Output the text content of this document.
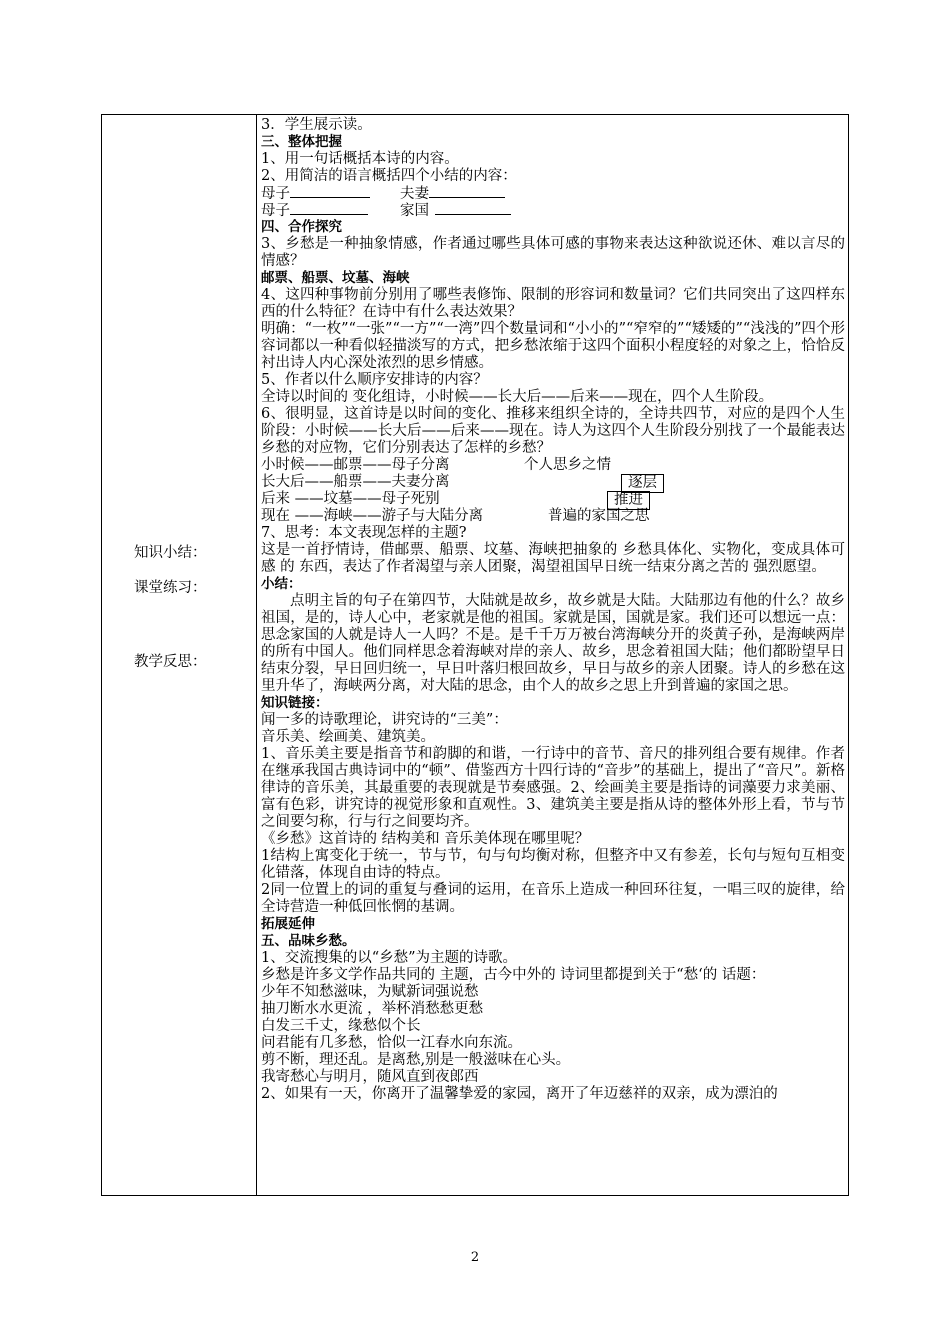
知识小结：
课堂练习：
教学反思：
3．学生展示读。
三、整体把握
1、用一句话概括本诗的内容。
2、用简洁的语言概括四个小结的内容：
母子	夫妻
母子	家国
四、合作探究
3、乡愁是一种抽象情感，作者通过哪些具体可感的事物来表达这种欲说还休、难以言尽的情感？
邮票、船票、坟墓、海峡
4、这四种事物前分别用了哪些表修饰、限制的形容词和数量词？它们共同突出了这四样东西的什么特征？在诗中有什么表达效果？
明确：“一枚”“一张”“一方”“一湾”四个数量词和“小小的”“窄窄的”“矮矮的”“浅浅的”四个形容词都以一种看似轻描淡写的方式，把乡愁浓缩于这四个面积小程度轻的对象之上，恰恰反衬出诗人内心深处浓烈的思乡情感。
5、作者以什么顺序安排诗的内容？
全诗以时间的 变化组诗，小时候——长大后——后来——现在，四个人生阶段。
6、很明显，这首诗是以时间的变化、推移来组织全诗的，全诗共四节，对应的是四个人生阶段：小时候——长大后——后来——现在。诗人为这四个人生阶段分别找了一个最能表达乡愁的对应物，它们分别表达了怎样的乡愁？
小时候——邮票——母子分离	个人思乡之情
长大后——船票——夫妻分离	逐层
后来 ——坟墓——母子死别	推进
现在 ——海峡——游子与大陆分离	普遍的家国之思
7、思考：本文表现怎样的主题?
这是一首抒情诗，借邮票、船票、坟墓、海峡把抽象的 乡愁具体化、实物化，变成具体可感 的 东西，表达了作者渴望与亲人团聚，渴望祖国早日统一结束分离之苦的 强烈愿望。
小结：
点明主旨的句子在第四节，大陆就是故乡，故乡就是大陆。大陆那边有他的什么？故乡祖国，是的，诗人心中，老家就是他的祖国。家就是国，国就是家。我们还可以想远一点：思念家国的人就是诗人一人吗？不是。是千千万万被台湾海峡分开的炎黄子孙，是海峡两岸的所有中国人。他们同样思念着海峡对岸的亲人、故乡，思念着祖国大陆；他们都盼望早日结束分裂，早日回归统一，早日叶落归根回故乡，早日与故乡的亲人团聚。诗人的乡愁在这里升华了，海峡两分离，对大陆的思念，由个人的故乡之思上升到普遍的家国之思。
知识链接：
闻一多的诗歌理论，讲究诗的“三美”：
音乐美、绘画美、建筑美。
1、音乐美主要是指音节和韵脚的和谐，一行诗中的音节、音尺的排列组合要有规律。作者在继承我国古典诗词中的“顿”、借鉴西方十四行诗的“音步”的基础上，提出了“音尺”。新格律诗的音乐美，其最重要的表现就是节奏感强。2、绘画美主要是指诗的词藻要力求美丽、富有色彩，讲究诗的视觉形象和直观性。3、建筑美主要是指从诗的整体外形上看，节与节之间要匀称，行与行之间要均齐。
《乡愁》这首诗的 结构美和 音乐美体现在哪里呢？
1结构上寓变化于统一，节与节，句与句均衡对称，但整齐中又有参差，长句与短句互相变化错落，体现自由诗的特点。
2同一位置上的词的重复与叠词的运用，在音乐上造成一种回环往复，一唱三叹的旋律，给全诗营造一种低回怅惘的基调。
拓展延伸
五、品味乡愁。
1、交流搜集的以“乡愁”为主题的诗歌。
乡愁是许多文学作品共同的 主题，古今中外的 诗词里都提到关于“愁‘的 话题：
少年不知愁滋味，为赋新词强说愁
抽刀断水水更流 ，举杯消愁愁更愁
白发三千丈，缘愁似个长
问君能有几多愁，恰似一江春水向东流。
剪不断，理还乱。是离愁,别是一般滋味在心头。
我寄愁心与明月，随风直到夜郎西
2、如果有一天，你离开了温馨挚爱的家园，离开了年迈慈祥的双亲，成为漂泊的
2
